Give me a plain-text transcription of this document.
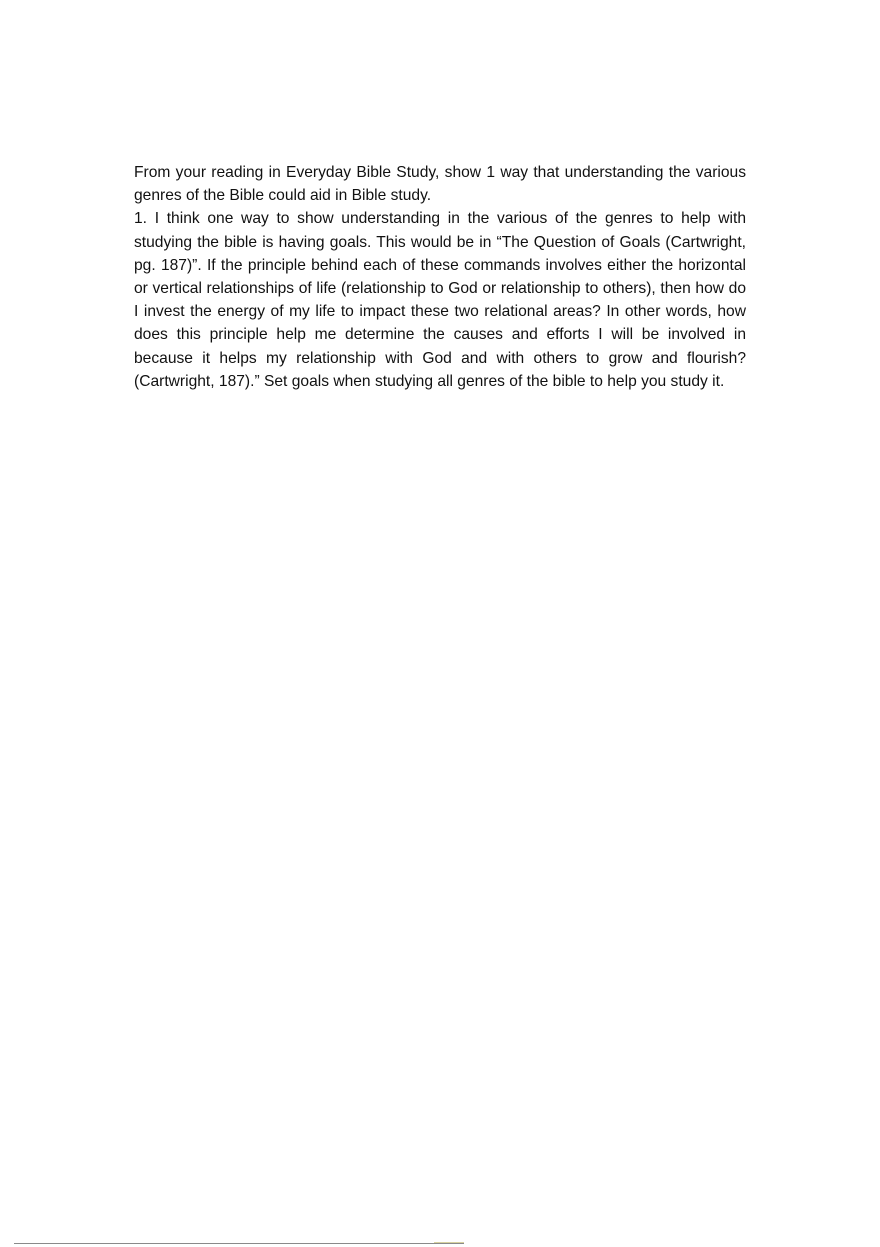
From your reading in Everyday Bible Study, show 1 way that understanding the various genres of the Bible could aid in Bible study.

1. I think one way to show understanding in the various of the genres to help with studying the bible is having goals. This would be in “The Question of Goals (Cartwright, pg. 187)”. If the principle behind each of these commands involves either the horizontal or vertical relationships of life (relationship to God or relationship to others), then how do I invest the energy of my life to impact these two relational areas? In other words, how does this principle help me determine the causes and efforts I will be involved in because it helps my relationship with God and with others to grow and flourish? (Cartwright, 187).” Set goals when studying all genres of the bible to help you study it.
